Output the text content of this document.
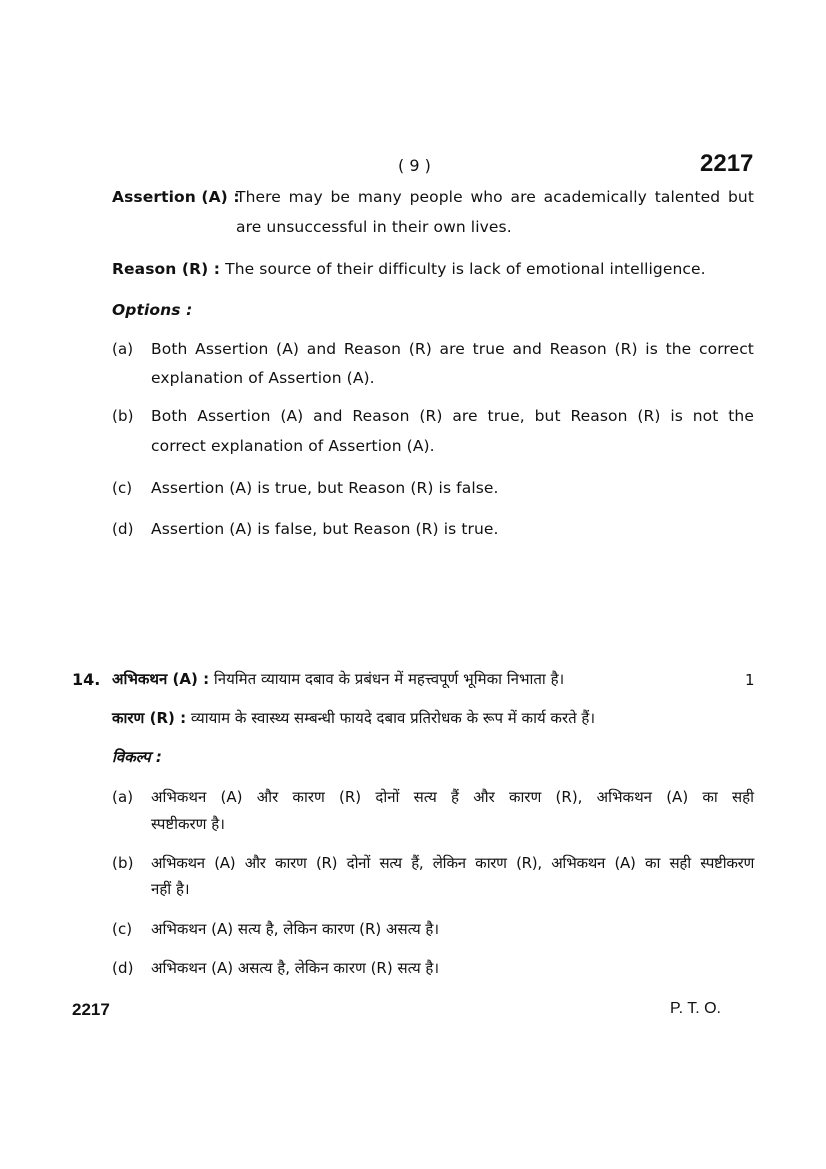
( 9 )	2217
Assertion (A) :
There may be many people who are academically talented but
are unsuccessful in their own lives.
Reason (R) : The source of their difficulty is lack of emotional intelligence.
Options :
(a) Both Assertion (A) and Reason (R) are true and Reason (R) is the correct
explanation of Assertion (A).
(b) Both Assertion (A) and Reason (R) are true, but Reason (R) is not the
correct explanation of Assertion (A).
(c) Assertion (A) is true, but Reason (R) is false.
(d) Assertion (A) is false, but Reason (R) is true.
14. अभिकथन (A) : नियमित व्यायाम दबाव के प्रबंधन में महत्त्वपूर्ण भूमिका निभाता है।	1
कारण (R) : व्यायाम के स्वास्थ्य सम्बन्धी फायदे दबाव प्रतिरोधक के रूप में कार्य करते हैं।
विकल्प :
(a) अभिकथन (A) और कारण (R) दोनों सत्य हैं और कारण (R), अभिकथन (A) का सही
स्पष्टीकरण है।
(b) अभिकथन (A) और कारण (R) दोनों सत्य हैं, लेकिन कारण (R), अभिकथन (A) का सही स्पष्टीकरण
नहीं है।
(c) अभिकथन (A) सत्य है, लेकिन कारण (R) असत्य है।
(d) अभिकथन (A) असत्य है, लेकिन कारण (R) सत्य है।
2217	P. T. O.
